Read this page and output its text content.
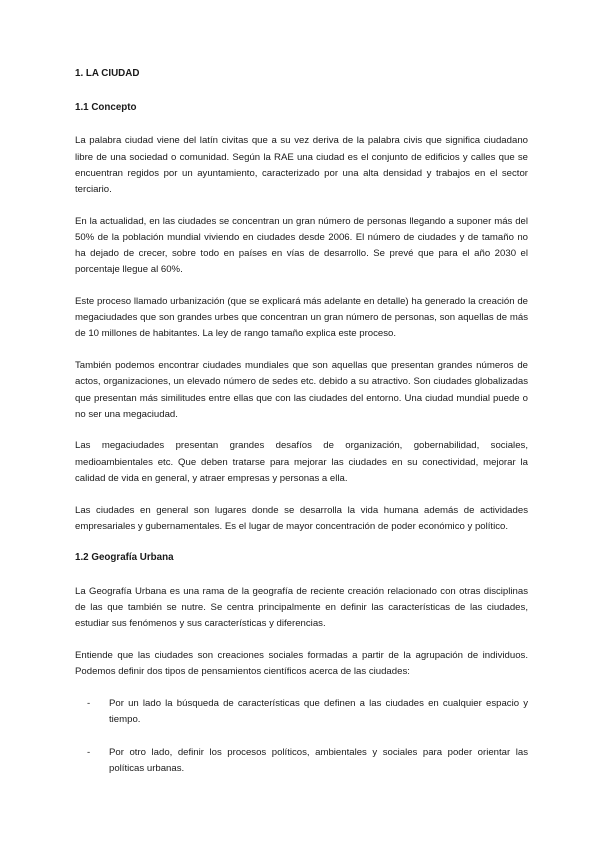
1. LA CIUDAD
1.1 Concepto

La palabra ciudad viene del latín civitas que a su vez deriva de la palabra civis que significa ciudadano libre de una sociedad o comunidad. Según la RAE una ciudad es el conjunto de edificios y calles que se encuentran regidos por un ayuntamiento, caracterizado por una alta densidad y trabajos en el sector terciario.

En la actualidad, en las ciudades se concentran un gran número de personas llegando a suponer más del 50% de la población mundial viviendo en ciudades desde 2006. El número de ciudades y de tamaño no ha dejado de crecer, sobre todo en países en vías de desarrollo. Se prevé que para el año 2030 el porcentaje llegue al 60%.

Este proceso llamado urbanización (que se explicará más adelante en detalle) ha generado la creación de megaciudades que son grandes urbes que concentran un gran número de personas, son aquellas de más de 10 millones de habitantes. La ley de rango tamaño explica este proceso.

También podemos encontrar ciudades mundiales que son aquellas que presentan grandes números de actos, organizaciones, un elevado número de sedes etc. debido a su atractivo. Son ciudades globalizadas que presentan más similitudes entre ellas que con las ciudades del entorno. Una ciudad mundial puede o no ser una megaciudad.

Las megaciudades presentan grandes desafíos de organización, gobernabilidad, sociales, medioambientales etc. Que deben tratarse para mejorar las ciudades en su conectividad, mejorar la calidad de vida en general, y atraer empresas y personas a ella.

Las ciudades en general son lugares donde se desarrolla la vida humana además de actividades empresariales y gubernamentales. Es el lugar de mayor concentración de poder económico y político.

1.2 Geografía Urbana

La Geografía Urbana es una rama de la geografía de reciente creación relacionado con otras disciplinas de las que también se nutre. Se centra principalmente en definir las características de las ciudades, estudiar sus fenómenos y sus características y diferencias.

Entiende que las ciudades son creaciones sociales formadas a partir de la agrupación de individuos. Podemos definir dos tipos de pensamientos científicos acerca de las ciudades:

- Por un lado la búsqueda de características que definen a las ciudades en cualquier espacio y tiempo.
- Por otro lado, definir los procesos políticos, ambientales y sociales para poder orientar las políticas urbanas.
